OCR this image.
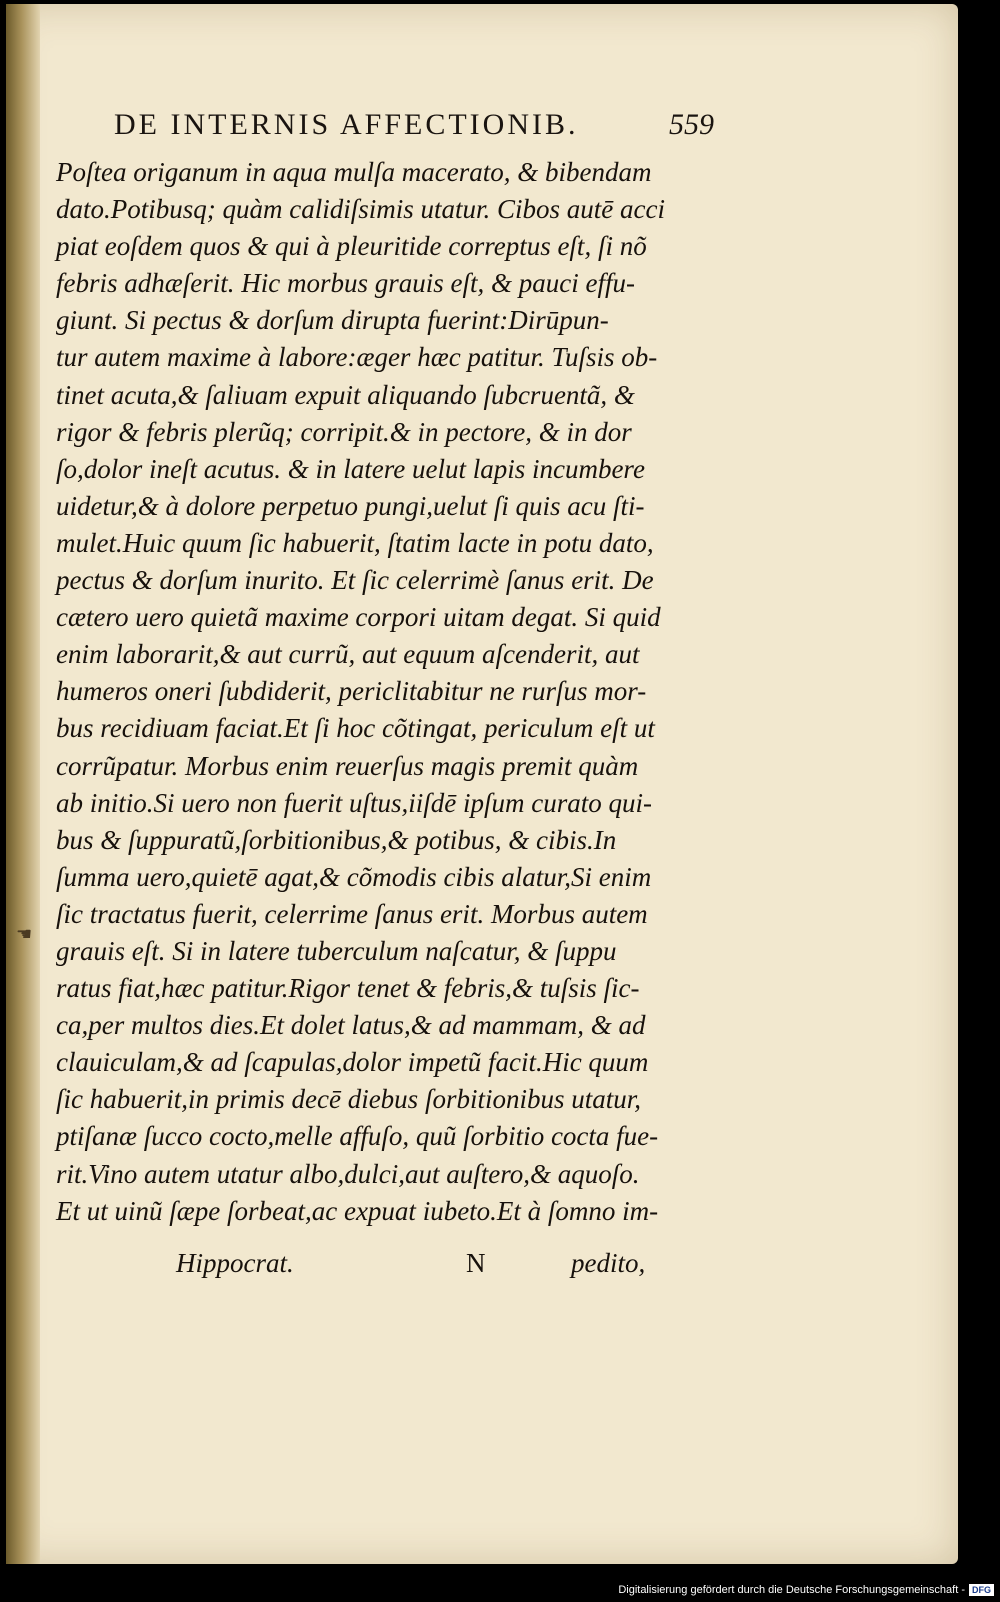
DE INTERNIS AFFECTIONIB.	559
☚
Poſtea origanum in aqua mulſa macerato, & bibendam
dato.Potibusq; quàm calidiſsimis utatur. Cibos autē acci
piat eoſdem quos & qui à pleuritide correptus eſt, ſi nõ
febris adhæſerit. Hic morbus grauis eſt, & pauci effu-
giunt. Si pectus & dorſum dirupta fuerint:Dirūpun-
tur autem maxime à labore:æger hæc patitur. Tuſsis ob-
tinet acuta,& ſaliuam expuit aliquando ſubcruentã, &
rigor & febris plerũq; corripit.& in pectore, & in dor
ſo,dolor ineſt acutus. & in latere uelut lapis incumbere
uidetur,& à dolore perpetuo pungi,uelut ſi quis acu ſti-
mulet.Huic quum ſic habuerit, ſtatim lacte in potu dato,
pectus & dorſum inurito. Et ſic celerrimè ſanus erit. De
cætero uero quietã maxime corpori uitam degat. Si quid
enim laborarit,& aut currũ, aut equum aſcenderit, aut
humeros oneri ſubdiderit, periclitabitur ne rurſus mor-
bus recidiuam faciat.Et ſi hoc cõtingat, periculum eſt ut
corrũpatur. Morbus enim reuerſus magis premit quàm
ab initio.Si uero non fuerit uſtus,iiſdē ipſum curato qui-
bus & ſuppuratũ,ſorbitionibus,& potibus, & cibis.In
ſumma uero,quietē agat,& cõmodis cibis alatur,Si enim
ſic tractatus fuerit, celerrime ſanus erit. Morbus autem
grauis eſt. Si in latere tuberculum naſcatur, & ſuppu
ratus fiat,hæc patitur.Rigor tenet & febris,& tuſsis ſic-
ca,per multos dies.Et dolet latus,& ad mammam, & ad
clauiculam,& ad ſcapulas,dolor impetũ facit.Hic quum
ſic habuerit,in primis decē diebus ſorbitionibus utatur,
ptiſanæ ſucco cocto,melle affuſo, quũ ſorbitio cocta fue-
rit.Vino autem utatur albo,dulci,aut auſtero,& aquoſo.
Et ut uinũ ſæpe ſorbeat,ac expuat iubeto.Et à ſomno im-
Hippocrat.	N	pedito,
Digitalisierung gefördert durch die Deutsche Forschungsgemeinschaft - DFG
